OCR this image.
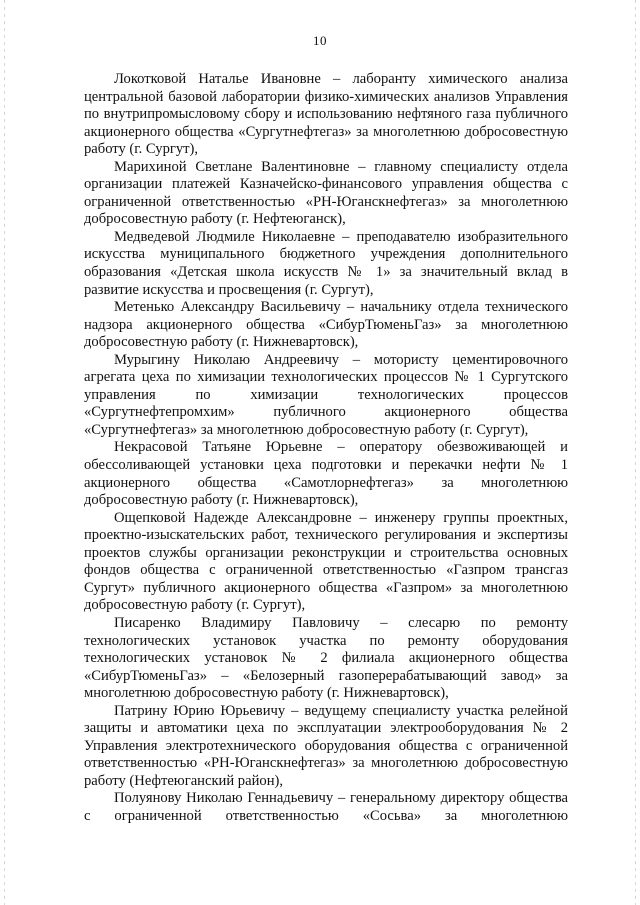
10

Локотковой Наталье Ивановне – лаборанту химического анализа центральной базовой лаборатории физико-химических анализов Управления по внутрипромысловому сбору и использованию нефтяного газа публичного акционерного общества «Сургутнефтегаз» за многолетнюю добросовестную работу (г. Сургут),

Марихиной Светлане Валентиновне – главному специалисту отдела организации платежей Казначейско-финансового управления общества с ограниченной ответственностью «РН-Юганскнефтегаз» за многолетнюю добросовестную работу (г. Нефтеюганск),

Медведевой Людмиле Николаевне – преподавателю изобразительного искусства муниципального бюджетного учреждения дополнительного образования «Детская школа искусств № 1» за значительный вклад в развитие искусства и просвещения (г. Сургут),

Метенько Александру Васильевичу – начальнику отдела технического надзора акционерного общества «СибурТюменьГаз» за многолетнюю добросовестную работу (г. Нижневартовск),

Мурыгину Николаю Андреевичу – мотористу цементировочного агрегата цеха по химизации технологических процессов № 1 Сургутского управления по химизации технологических процессов «Сургутнефтепромхим» публичного акционерного общества «Сургутнефтегаз» за многолетнюю добросовестную работу (г. Сургут),

Некрасовой Татьяне Юрьевне – оператору обезвоживающей и обессоливающей установки цеха подготовки и перекачки нефти № 1 акционерного общества «Самотлорнефтегаз» за многолетнюю добросовестную работу (г. Нижневартовск),

Ощепковой Надежде Александровне – инженеру группы проектных, проектно-изыскательских работ, технического регулирования и экспертизы проектов службы организации реконструкции и строительства основных фондов общества с ограниченной ответственностью «Газпром трансгаз Сургут» публичного акционерного общества «Газпром» за многолетнюю добросовестную работу (г. Сургут),

Писаренко Владимиру Павловичу – слесарю по ремонту технологических установок участка по ремонту оборудования технологических установок № 2 филиала акционерного общества «СибурТюменьГаз» – «Белозерный газоперерабатывающий завод» за многолетнюю добросовестную работу (г. Нижневартовск),

Патрину Юрию Юрьевичу – ведущему специалисту участка релейной защиты и автоматики цеха по эксплуатации электрооборудования № 2 Управления электротехнического оборудования общества с ограниченной ответственностью «РН-Юганскнефтегаз» за многолетнюю добросовестную работу (Нефтеюганский район),

Полуянову Николаю Геннадьевичу – генеральному директору общества с ограниченной ответственностью «Сосьва» за многолетнюю
